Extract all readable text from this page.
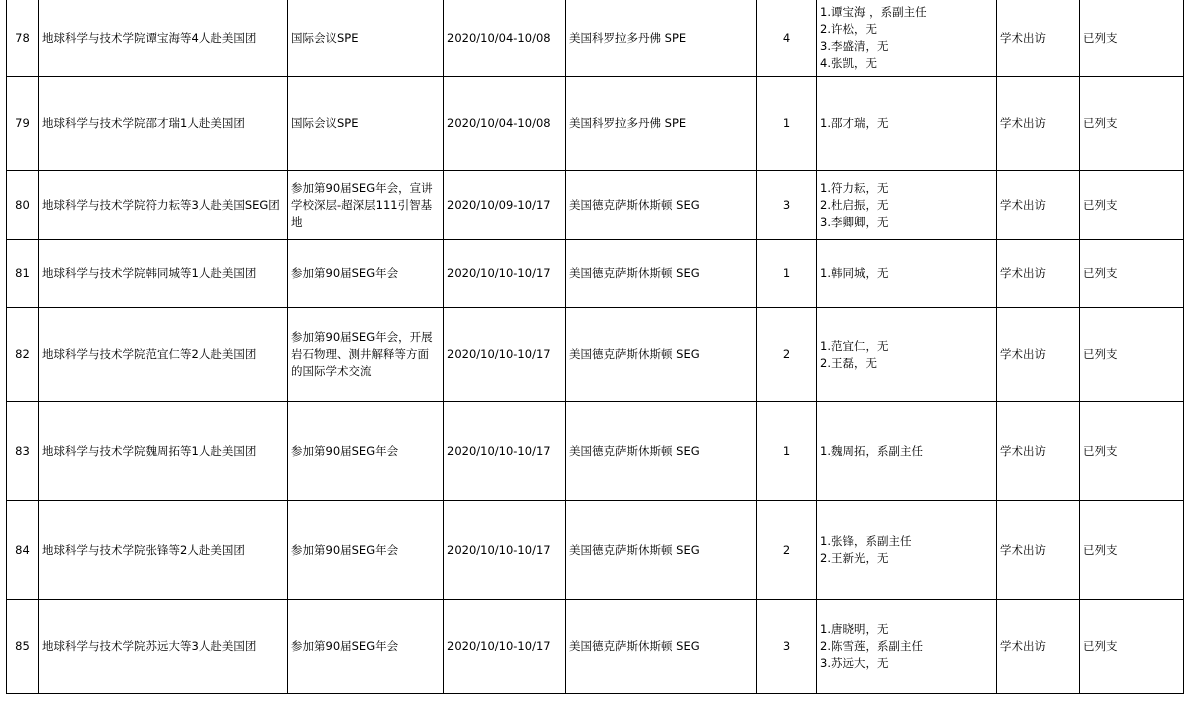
78	地球科学与技术学院谭宝海等4人赴美国团	国际会议SPE	2020/10/04-10/08	美国科罗拉多丹佛 SPE	4	1.谭宝海 ，系副主任
2.许松，无
3.李盛清，无
4.张凯，无	学术出访	已列支
79	地球科学与技术学院邵才瑞1人赴美国团	国际会议SPE	2020/10/04-10/08	美国科罗拉多丹佛 SPE	1	1.邵才瑞，无	学术出访	已列支
80	地球科学与技术学院符力耘等3人赴美国SEG团	参加第90届SEG年会，宣讲学校深层-超深层111引智基地	2020/10/09-10/17	美国德克萨斯休斯顿 SEG	3	1.符力耘，无
2.杜启振，无
3.李卿卿，无	学术出访	已列支
81	地球科学与技术学院韩同城等1人赴美国团	参加第90届SEG年会	2020/10/10-10/17	美国德克萨斯休斯顿 SEG	1	1.韩同城，无	学术出访	已列支
82	地球科学与技术学院范宜仁等2人赴美国团	参加第90届SEG年会，开展岩石物理、测井解释等方面的国际学术交流	2020/10/10-10/17	美国德克萨斯休斯顿 SEG	2	1.范宜仁，无
2.王磊，无	学术出访	已列支
83	地球科学与技术学院魏周拓等1人赴美国团	参加第90届SEG年会	2020/10/10-10/17	美国德克萨斯休斯顿 SEG	1	1.魏周拓，系副主任	学术出访	已列支
84	地球科学与技术学院张锋等2人赴美国团	参加第90届SEG年会	2020/10/10-10/17	美国德克萨斯休斯顿 SEG	2	1.张锋，系副主任
2.王新光，无	学术出访	已列支
85	地球科学与技术学院苏远大等3人赴美国团	参加第90届SEG年会	2020/10/10-10/17	美国德克萨斯休斯顿 SEG	3	1.唐晓明，无
2.陈雪莲，系副主任
3.苏远大，无	学术出访	已列支
